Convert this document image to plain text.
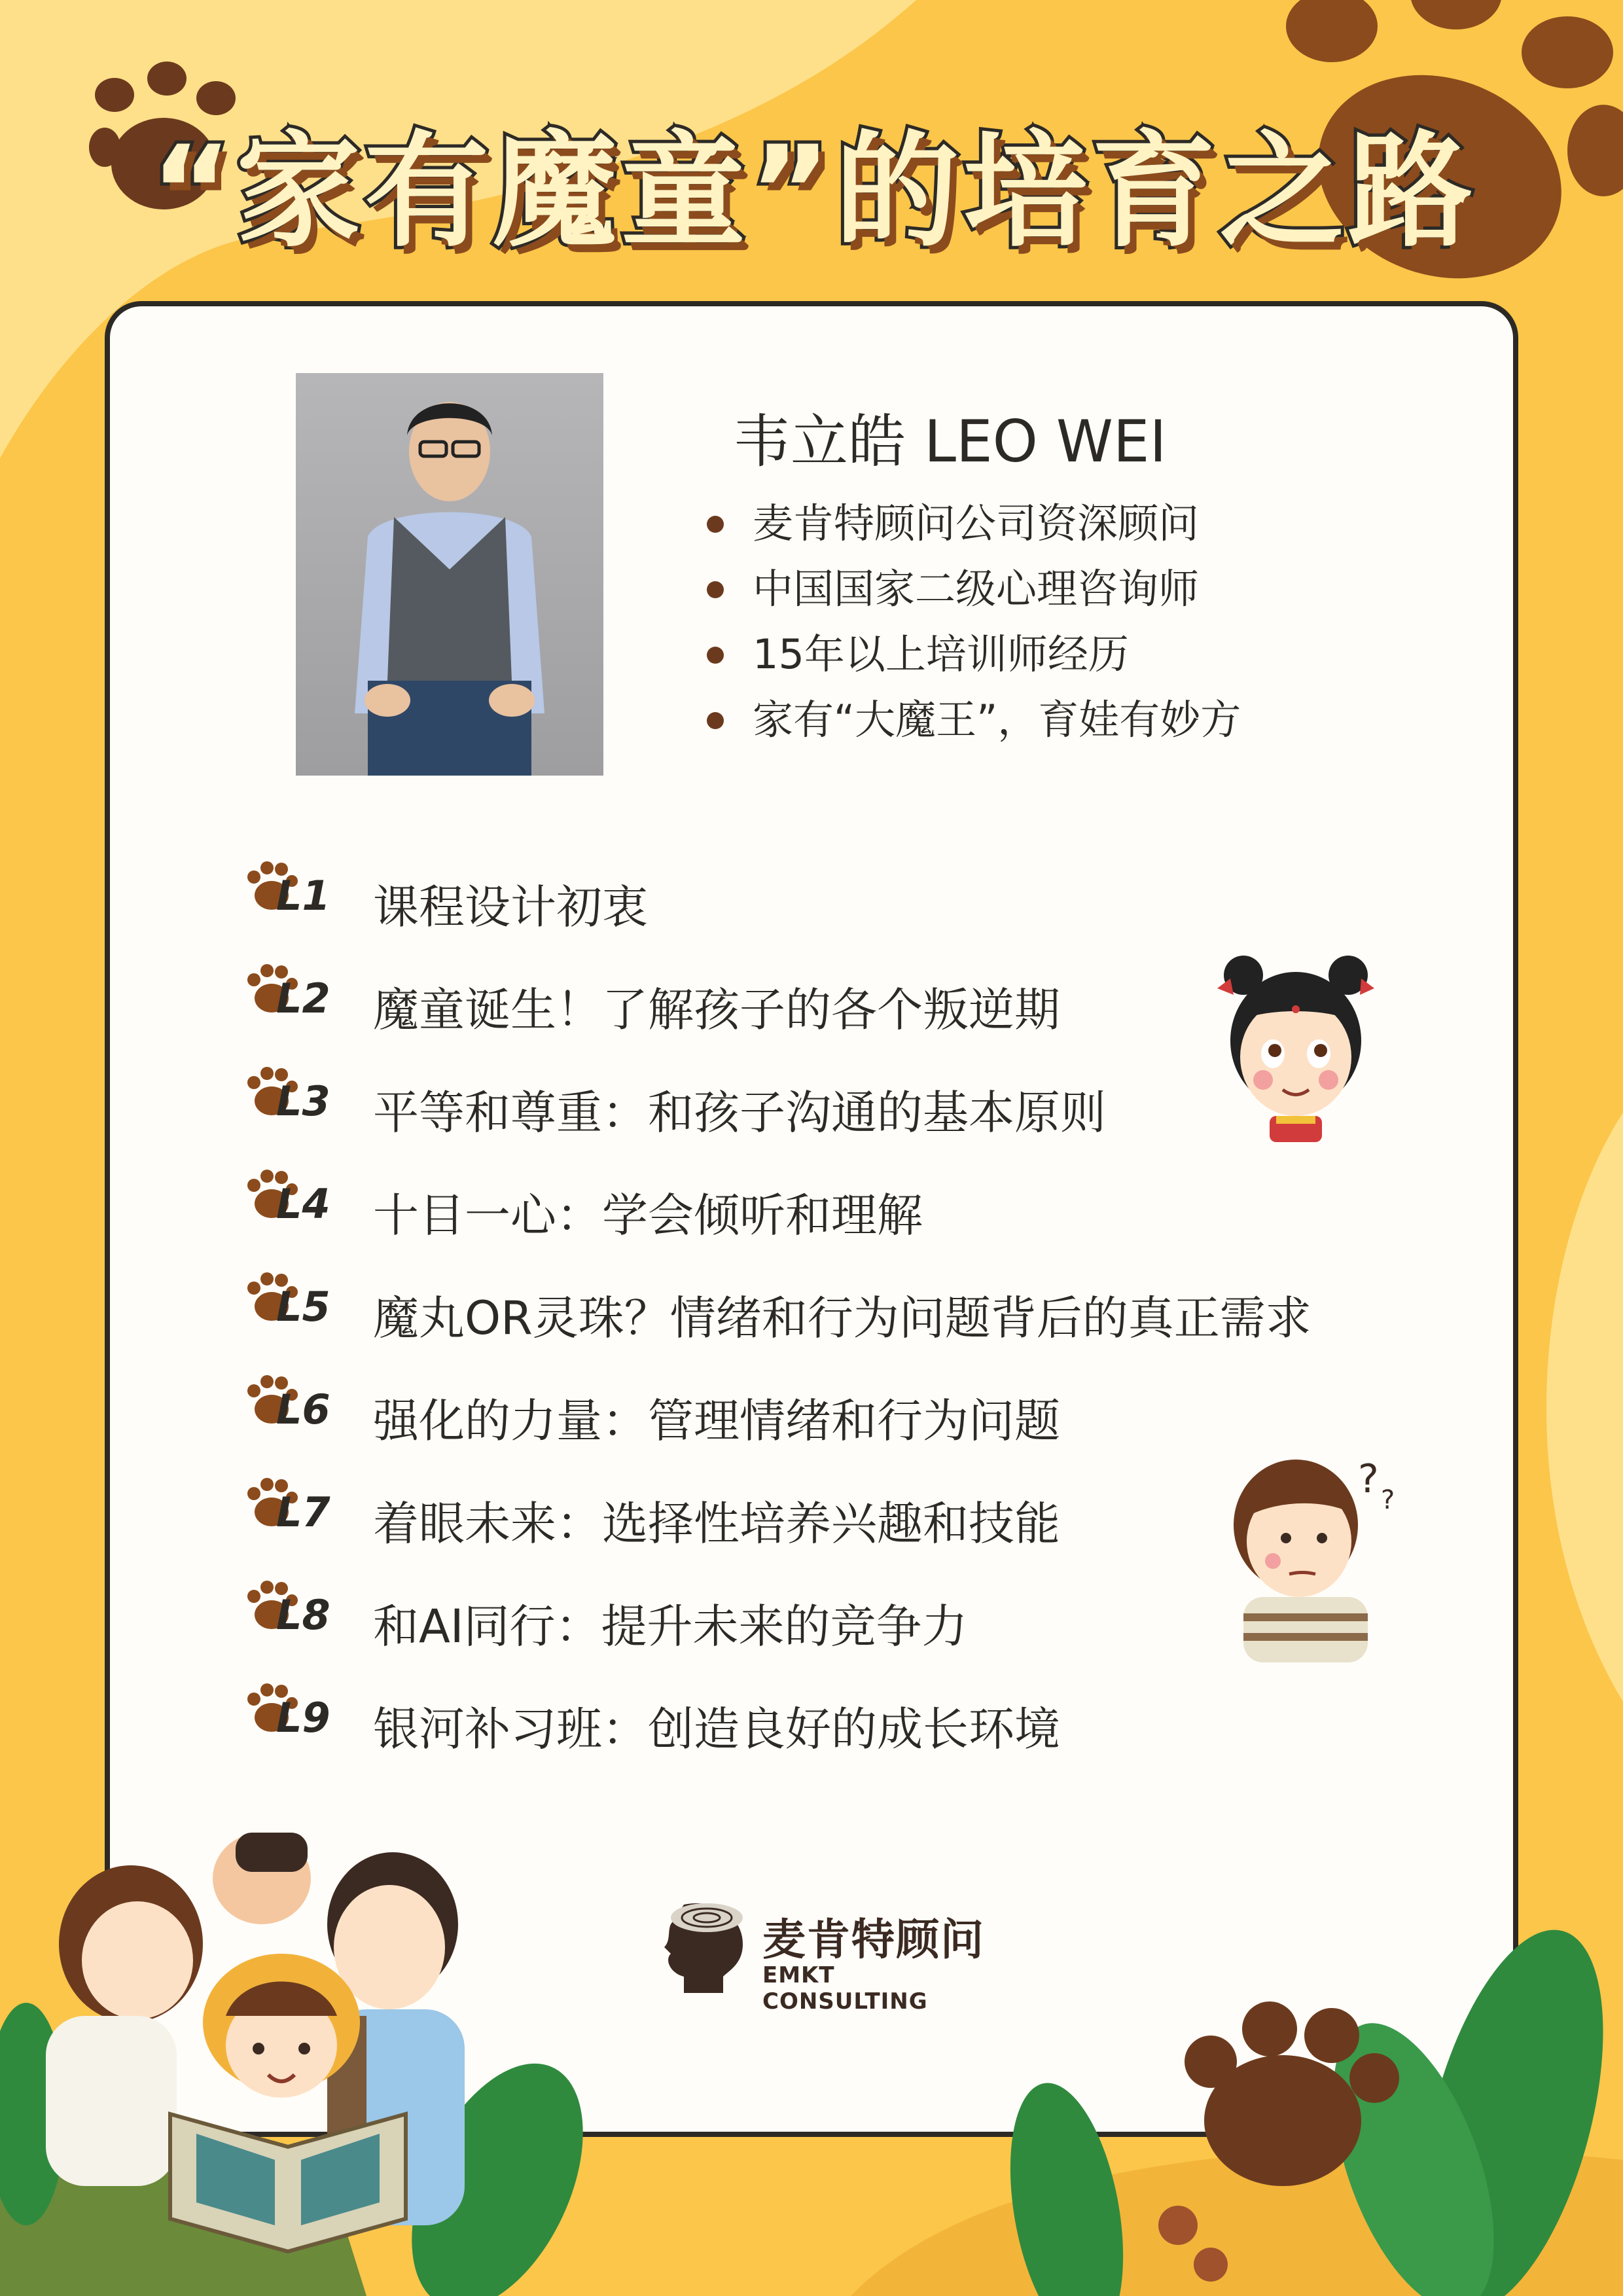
“家有魔童”的培育之路
韦立皓 LEO WEI
麦肯特顾问公司资深顾问
中国国家二级心理咨询师
15年以上培训师经历
家有“大魔王”，育娃有妙方
L1 课程设计初衷
L2 魔童诞生！了解孩子的各个叛逆期
L3 平等和尊重：和孩子沟通的基本原则
L4 十目一心：学会倾听和理解
L5 魔丸OR灵珠？情绪和行为问题背后的真正需求
L6 强化的力量：管理情绪和行为问题
L7 着眼未来：选择性培养兴趣和技能
L8 和AI同行：提升未来的竞争力
L9 银河补习班：创造良好的成长环境
? ?
麦肯特顾问
EMKT CONSULTING
